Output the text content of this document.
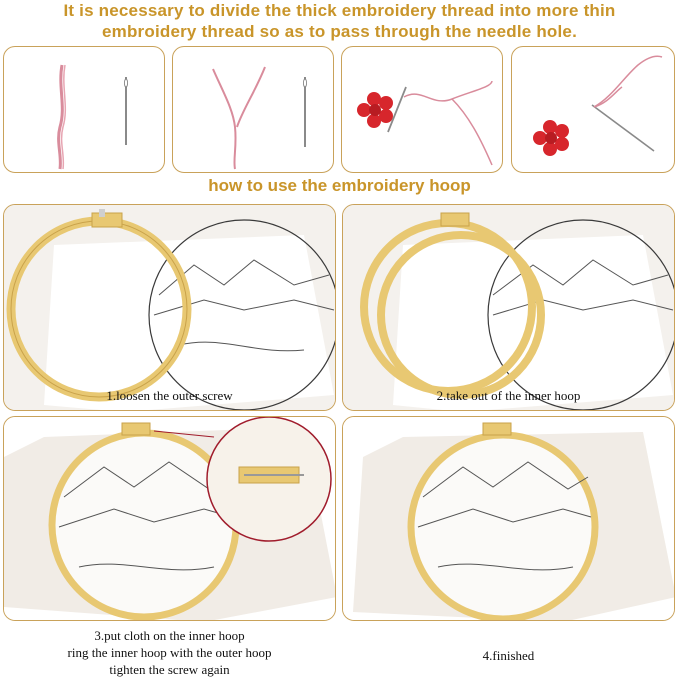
It is necessary to divide the thick embroidery thread into more thin
embroidery thread so as to pass through the needle hole.
how to use the embroidery hoop
1.loosen the outer screw	2.take out of the inner hoop
3.put cloth on the inner hoop
ring the inner hoop with the outer hoop
tighten the screw again
4.finished
